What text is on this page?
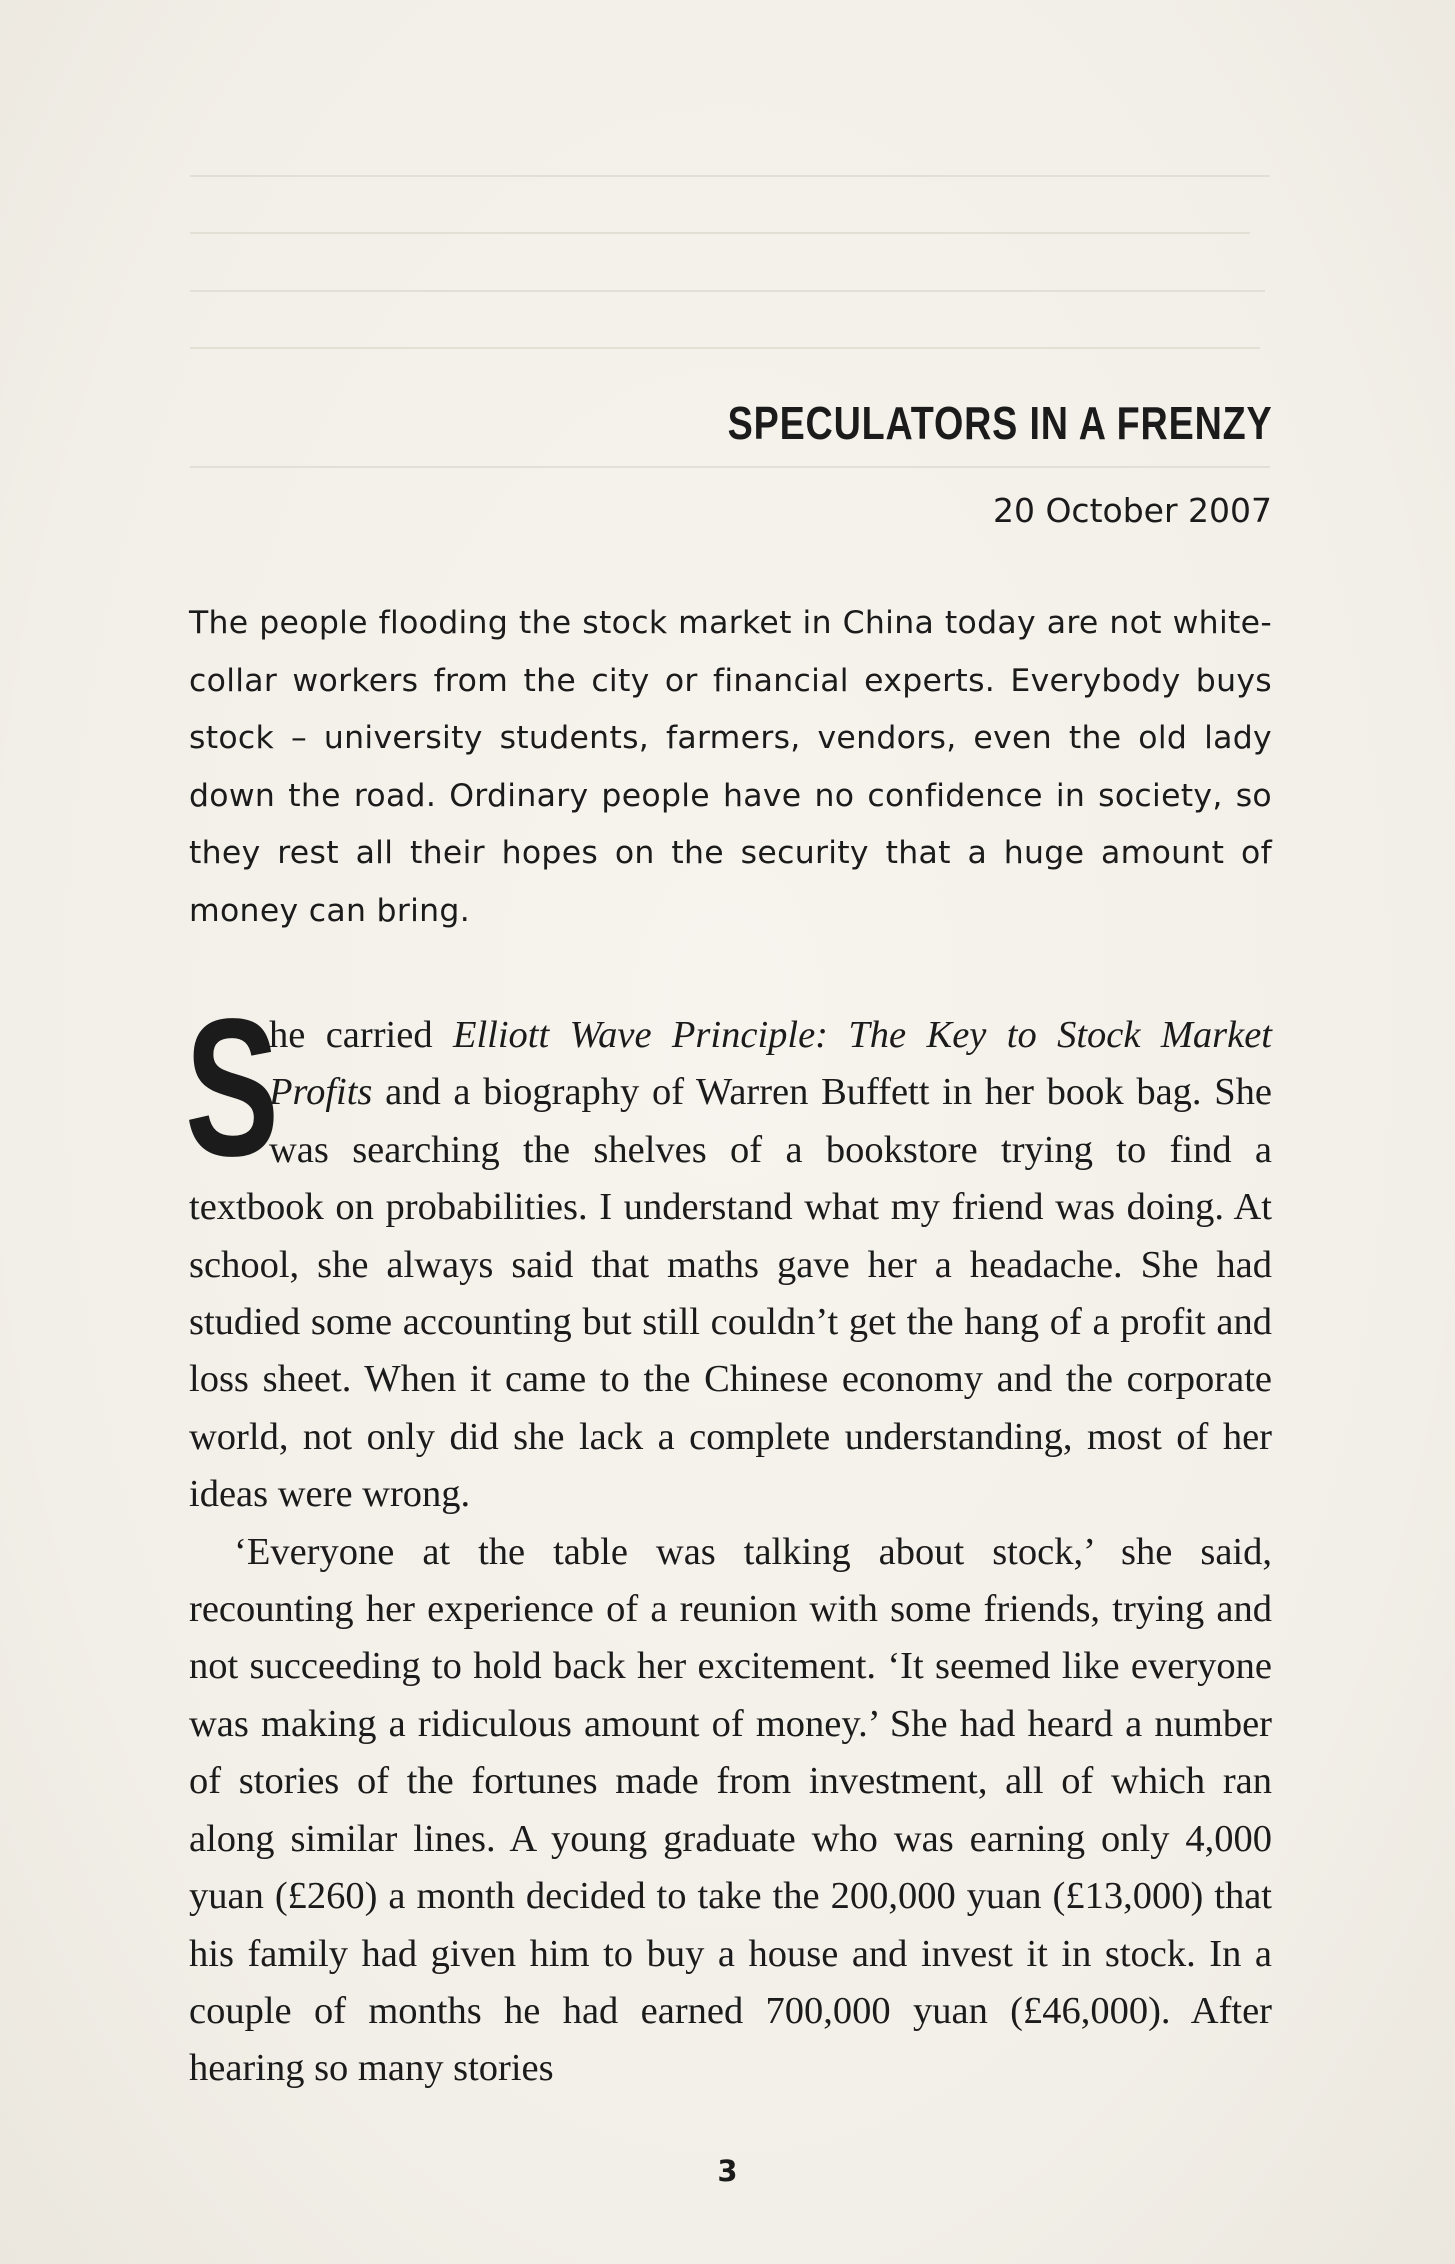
SPECULATORS IN A FRENZY
20 October 2007
The people flooding the stock market in China today are not white-collar workers from the city or financial experts. Everybody buys stock – university students, farmers, vendors, even the old lady down the road. Ordinary people have no confidence in society, so they rest all their hopes on the security that a huge amount of money can bring.

S
he carried Elliott Wave Principle: The Key to Stock Market Profits and a biography of Warren Buffett in her book bag. She was searching the shelves of a bookstore trying to find a textbook on probabilities. I understand what my friend was doing. At school, she always said that maths gave her a headache. She had studied some accounting but still couldn’t get the hang of a profit and loss sheet. When it came to the Chinese economy and the corporate world, not only did she lack a complete understanding, most of her ideas were wrong.

‘Everyone at the table was talking about stock,’ she said, recounting her experience of a reunion with some friends, trying and not succeeding to hold back her excitement. ‘It seemed like everyone was making a ridiculous amount of money.’ She had heard a number of stories of the fortunes made from investment, all of which ran along similar lines. A young graduate who was earning only 4,000 yuan (£260) a month decided to take the 200,000 yuan (£13,000) that his family had given him to buy a house and invest it in stock. In a couple of months he had earned 700,000 yuan (£46,000). After hearing so many stories

3
